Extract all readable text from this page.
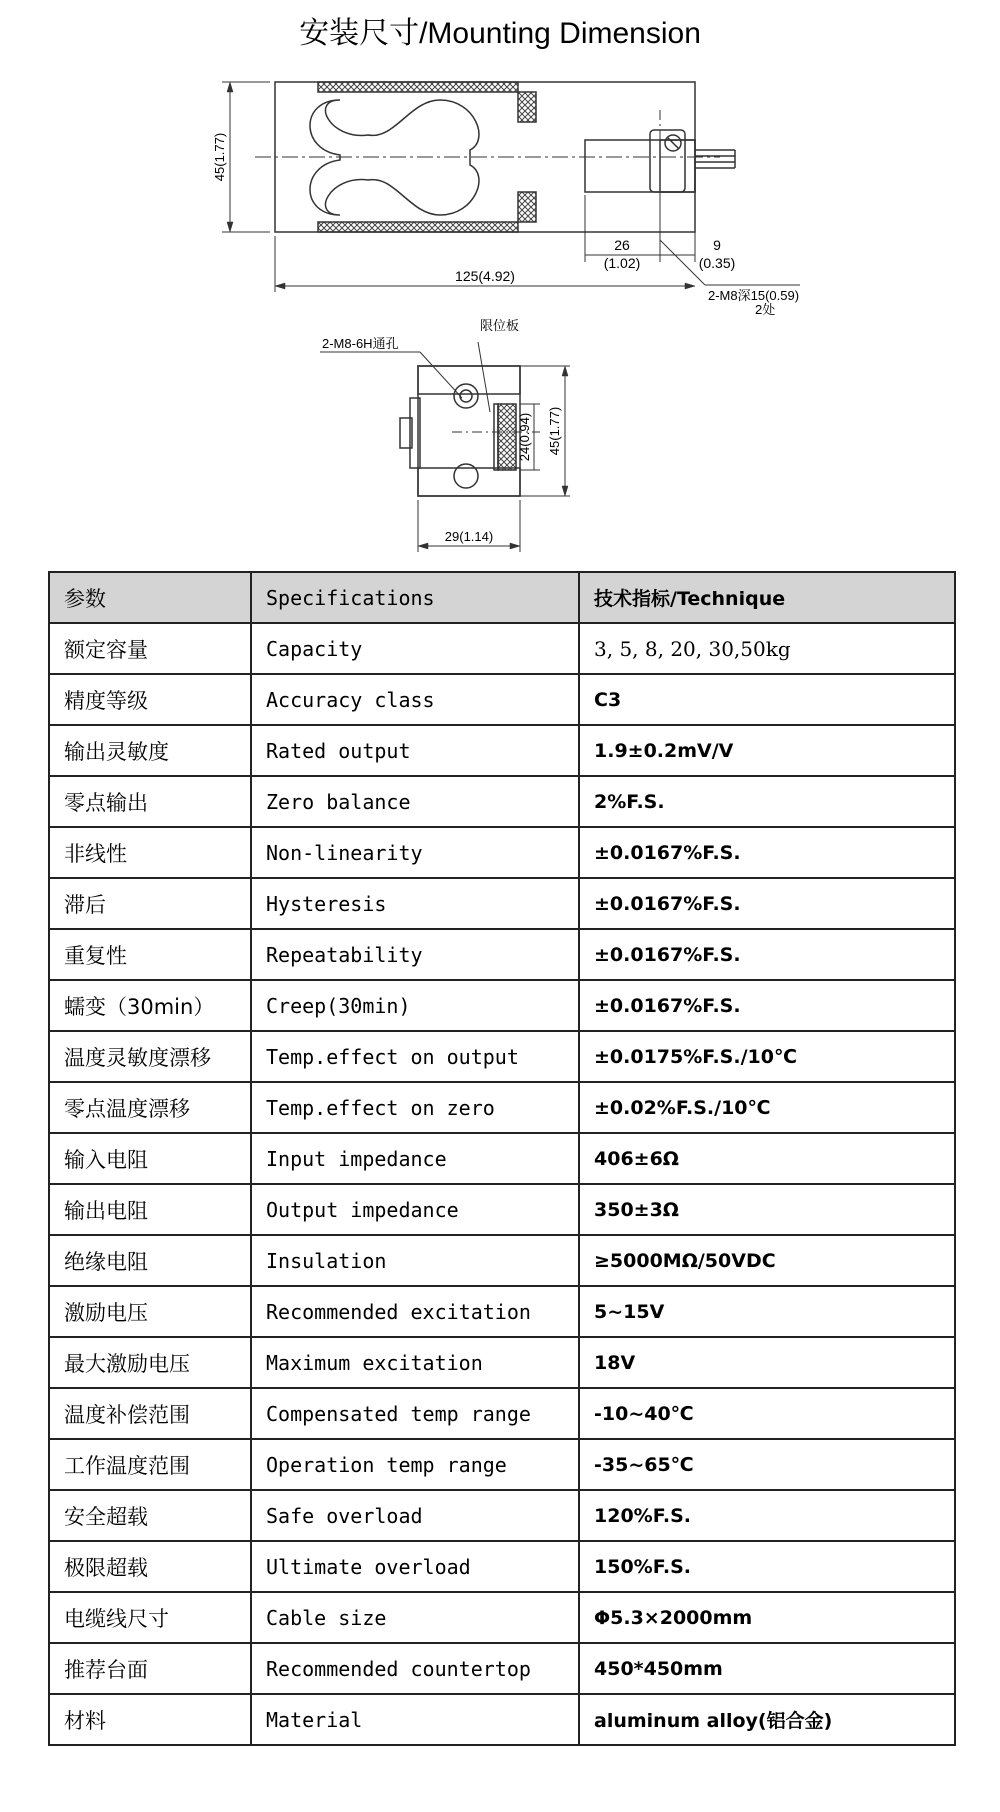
安装尺寸/Mounting Dimension
45(1.77)
26
(1.02)
9
(0.35)
125(4.92)
2-M8深15(0.59)
2处
2-M8-6H通孔
限位板
24(0.94) 45(1.77)
29(1.14)
参数	Specifications	技术指标/Technique
额定容量	Capacity	3, 5, 8, 20, 30,50kg
精度等级	Accuracy class	C3
输出灵敏度	Rated output	1.9±0.2mV/V
零点输出	Zero balance	2%F.S.
非线性	Non-linearity	±0.0167%F.S.
滞后	Hysteresis	±0.0167%F.S.
重复性	Repeatability	±0.0167%F.S.
蠕变（30min）	Creep(30min)	±0.0167%F.S.
温度灵敏度漂移	Temp.effect on output	±0.0175%F.S./10℃
零点温度漂移	Temp.effect on zero	±0.02%F.S./10℃
输入电阻	Input impedance	406±6Ω
输出电阻	Output impedance	350±3Ω
绝缘电阻	Insulation	≥5000MΩ/50VDC
激励电压	Recommended excitation	5~15V
最大激励电压	Maximum excitation	18V
温度补偿范围	Compensated temp range	-10~40℃
工作温度范围	Operation temp range	-35~65℃
安全超载	Safe overload	120%F.S.
极限超载	Ultimate overload	150%F.S.
电缆线尺寸	Cable size	Φ5.3×2000mm
推荐台面	Recommended countertop	450*450mm
材料	Material	aluminum alloy(铝合金)
